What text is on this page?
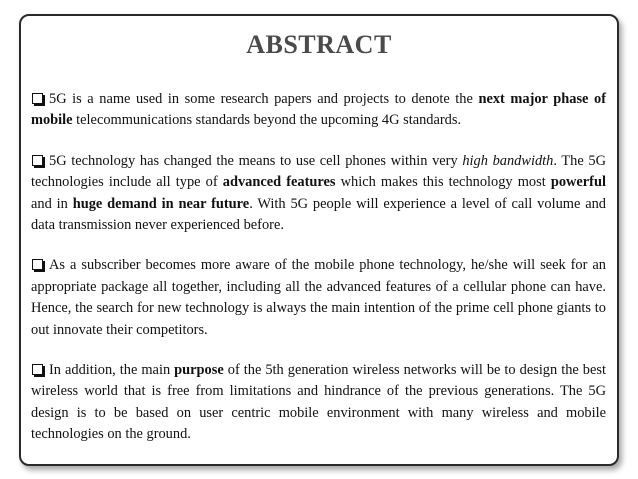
ABSTRACT

5G is a name used in some research papers and projects to denote the next major phase of mobile telecommunications standards beyond the upcoming 4G standards.

5G technology has changed the means to use cell phones within very high bandwidth. The 5G technologies include all type of advanced features which makes this technology most powerful and in huge demand in near future. With 5G people will experience a level of call volume and data transmission never experienced before.

As a subscriber becomes more aware of the mobile phone technology, he/she will seek for an appropriate package all together, including all the advanced features of a cellular phone can have. Hence, the search for new technology is always the main intention of the prime cell phone giants to out innovate their competitors.

In addition, the main purpose of the 5th generation wireless networks will be to design the best wireless world that is free from limitations and hindrance of the previous generations. The 5G design is to be based on user centric mobile environment with many wireless and mobile technologies on the ground.
